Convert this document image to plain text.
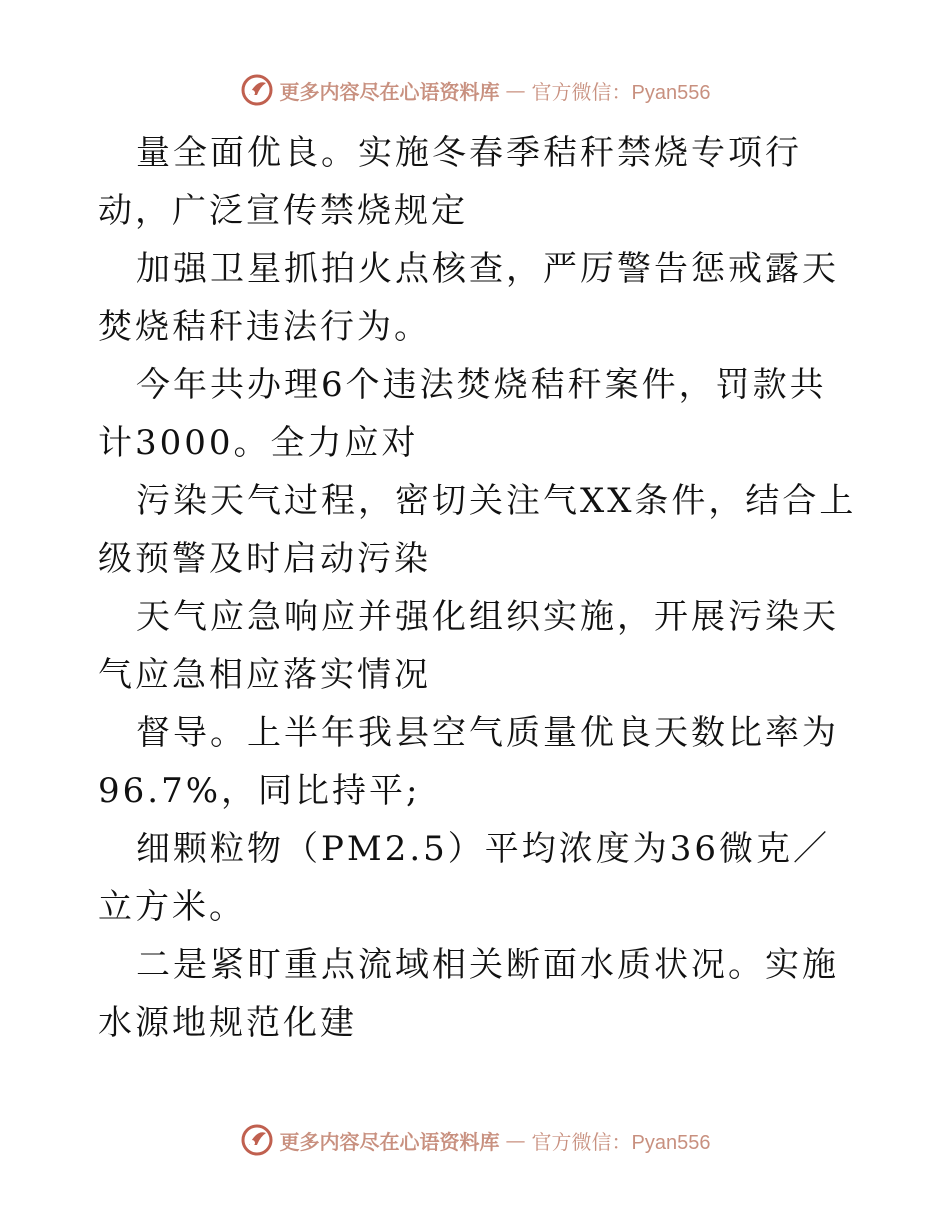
更多内容尽在心语资料库 — 官方微信：Pyan556

量全面优良。实施冬春季秸秆禁烧专项行动，广泛宣传禁烧规定

加强卫星抓拍火点核查，严厉警告惩戒露天焚烧秸秆违法行为。

今年共办理6个违法焚烧秸秆案件，罚款共计3000。全力应对

污染天气过程，密切关注气XX条件，结合上级预警及时启动污染

天气应急响应并强化组织实施，开展污染天气应急相应落实情况

督导。上半年我县空气质量优良天数比率为96.7%，同比持平;

细颗粒物（PM2.5）平均浓度为36微克／立方米。

二是紧盯重点流域相关断面水质状况。实施水源地规范化建

更多内容尽在心语资料库 — 官方微信：Pyan556
